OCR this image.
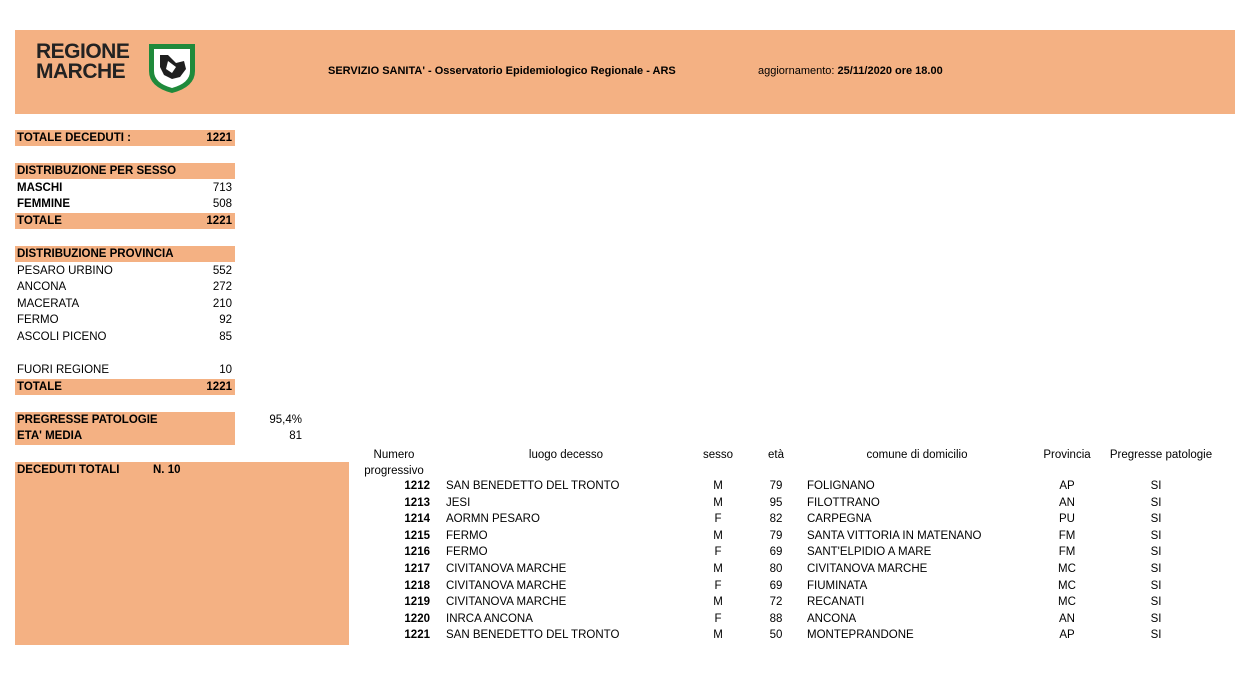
REGIONE
MARCHE	SERVIZIO SANITA' - Osservatorio Epidemiologico Regionale - ARS	aggiornamento: 25/11/2020 ore 18.00
TOTALE DECEDUTI :	1221
DISTRIBUZIONE PER SESSO
MASCHI	713
FEMMINE	508
TOTALE	1221
DISTRIBUZIONE PROVINCIA
PESARO URBINO	552
ANCONA	272
MACERATA	210
FERMO	92
ASCOLI PICENO	85
FUORI REGIONE	10
TOTALE	1221
PREGRESSE PATOLOGIE	95,4%
ETA' MEDIA	81
DECEDUTI TOTALI	N. 10
Numero
progressivo
luogo decesso	sesso	età	comune di domicilio	Provincia	Pregresse patologie
1212 SAN BENEDETTO DEL TRONTO	M	79	FOLIGNANO	AP	SI
1213 JESI	M	95	FILOTTRANO	AN	SI
1214 AORMN PESARO	F	82	CARPEGNA	PU	SI
1215 FERMO	M	79	SANTA VITTORIA IN MATENANO	FM	SI
1216 FERMO	F	69	SANT'ELPIDIO A MARE	FM	SI
1217 CIVITANOVA MARCHE	M	80	CIVITANOVA MARCHE	MC	SI
1218 CIVITANOVA MARCHE	F	69	FIUMINATA	MC	SI
1219 CIVITANOVA MARCHE	M	72	RECANATI	MC	SI
1220 INRCA ANCONA	F	88	ANCONA	AN	SI
1221 SAN BENEDETTO DEL TRONTO	M	50	MONTEPRANDONE	AP	SI
